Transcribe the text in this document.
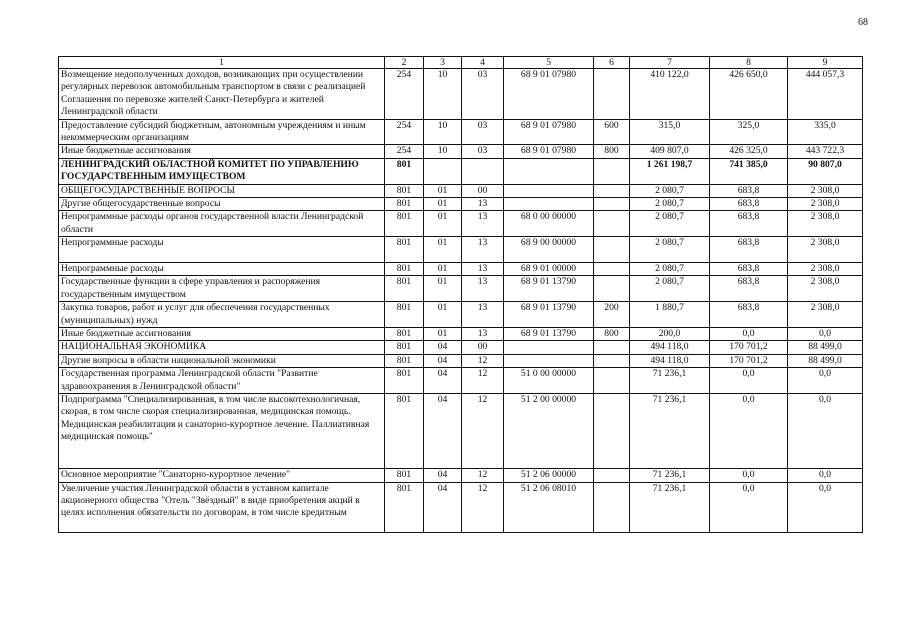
68
1	2	3	4	5	6	7	8	9
Возмещение недополученных доходов, возникающих при осуществлении регулярных перевозок автомобильным транспортом в связи с реализацией Соглашения по перевозке жителей Санкт-Петербурга и жителей Ленинградской области	254	10	03	68 9 01 07980		410 122,0	426 650,0	444 057,3
Предоставление субсидий бюджетным, автономным учреждениям и иным некоммерческим организациям	254	10	03	68 9 01 07980	600	315,0	325,0	335,0
Иные бюджетные ассигнования	254	10	03	68 9 01 07980	800	409 807,0	426 325,0	443 722,3
ЛЕНИНГРАДСКИЙ ОБЛАСТНОЙ КОМИТЕТ ПО УПРАВЛЕНИЮ ГОСУДАРСТВЕННЫМ ИМУЩЕСТВОМ	801					1 261 198,7	741 385,0	90 807,0
ОБЩЕГОСУДАРСТВЕННЫЕ ВОПРОСЫ	801	01	00			2 080,7	683,8	2 308,0
Другие общегосударственные вопросы	801	01	13			2 080,7	683,8	2 308,0
Непрограммные расходы органов государственной власти Ленинградской области	801	01	13	68 0 00 00000		2 080,7	683,8	2 308,0
Непрограммные расходы	801	01	13	68 9 00 00000		2 080,7	683,8	2 308,0
Непрограммные расходы	801	01	13	68 9 01 00000		2 080,7	683,8	2 308,0
Государственные функции в сфере управления и распоряжения государственным имуществом	801	01	13	68 9 01 13790		2 080,7	683,8	2 308,0
Закупка товаров, работ и услуг для обеспечения государственных (муниципальных) нужд	801	01	13	68 9 01 13790	200	1 880,7	683,8	2 308,0
Иные бюджетные ассигнования	801	01	13	68 9 01 13790	800	200,0	0,0	0,0
НАЦИОНАЛЬНАЯ ЭКОНОМИКА	801	04	00			494 118,0	170 701,2	88 499,0
Другие вопросы в области национальной экономики	801	04	12			494 118,0	170 701,2	88 499,0
Государственная программа Ленинградской области "Развитие здравоохранения в Ленинградской области"	801	04	12	51 0 00 00000		71 236,1	0,0	0,0
Подпрограмма "Специализированная, в том числе высокотехнологичная, скорая, в том числе скорая специализированная, медицинская помощь. Медицинская реабилитация и санаторно-курортное лечение. Паллиативная медицинская помощь"	801	04	12	51 2 00 00000		71 236,1	0,0	0,0
Основное мероприятие "Санаторно-курортное лечение"	801	04	12	51 2 06 00000		71 236,1	0,0	0,0
Увеличение участия Ленинградской области в уставном капитале акционерного общества "Отель "Звёздный" в виде приобретения акций в целях исполнения обязательств по договорам, в том числе кредитным	801	04	12	51 2 06 08010		71 236,1	0,0	0,0
